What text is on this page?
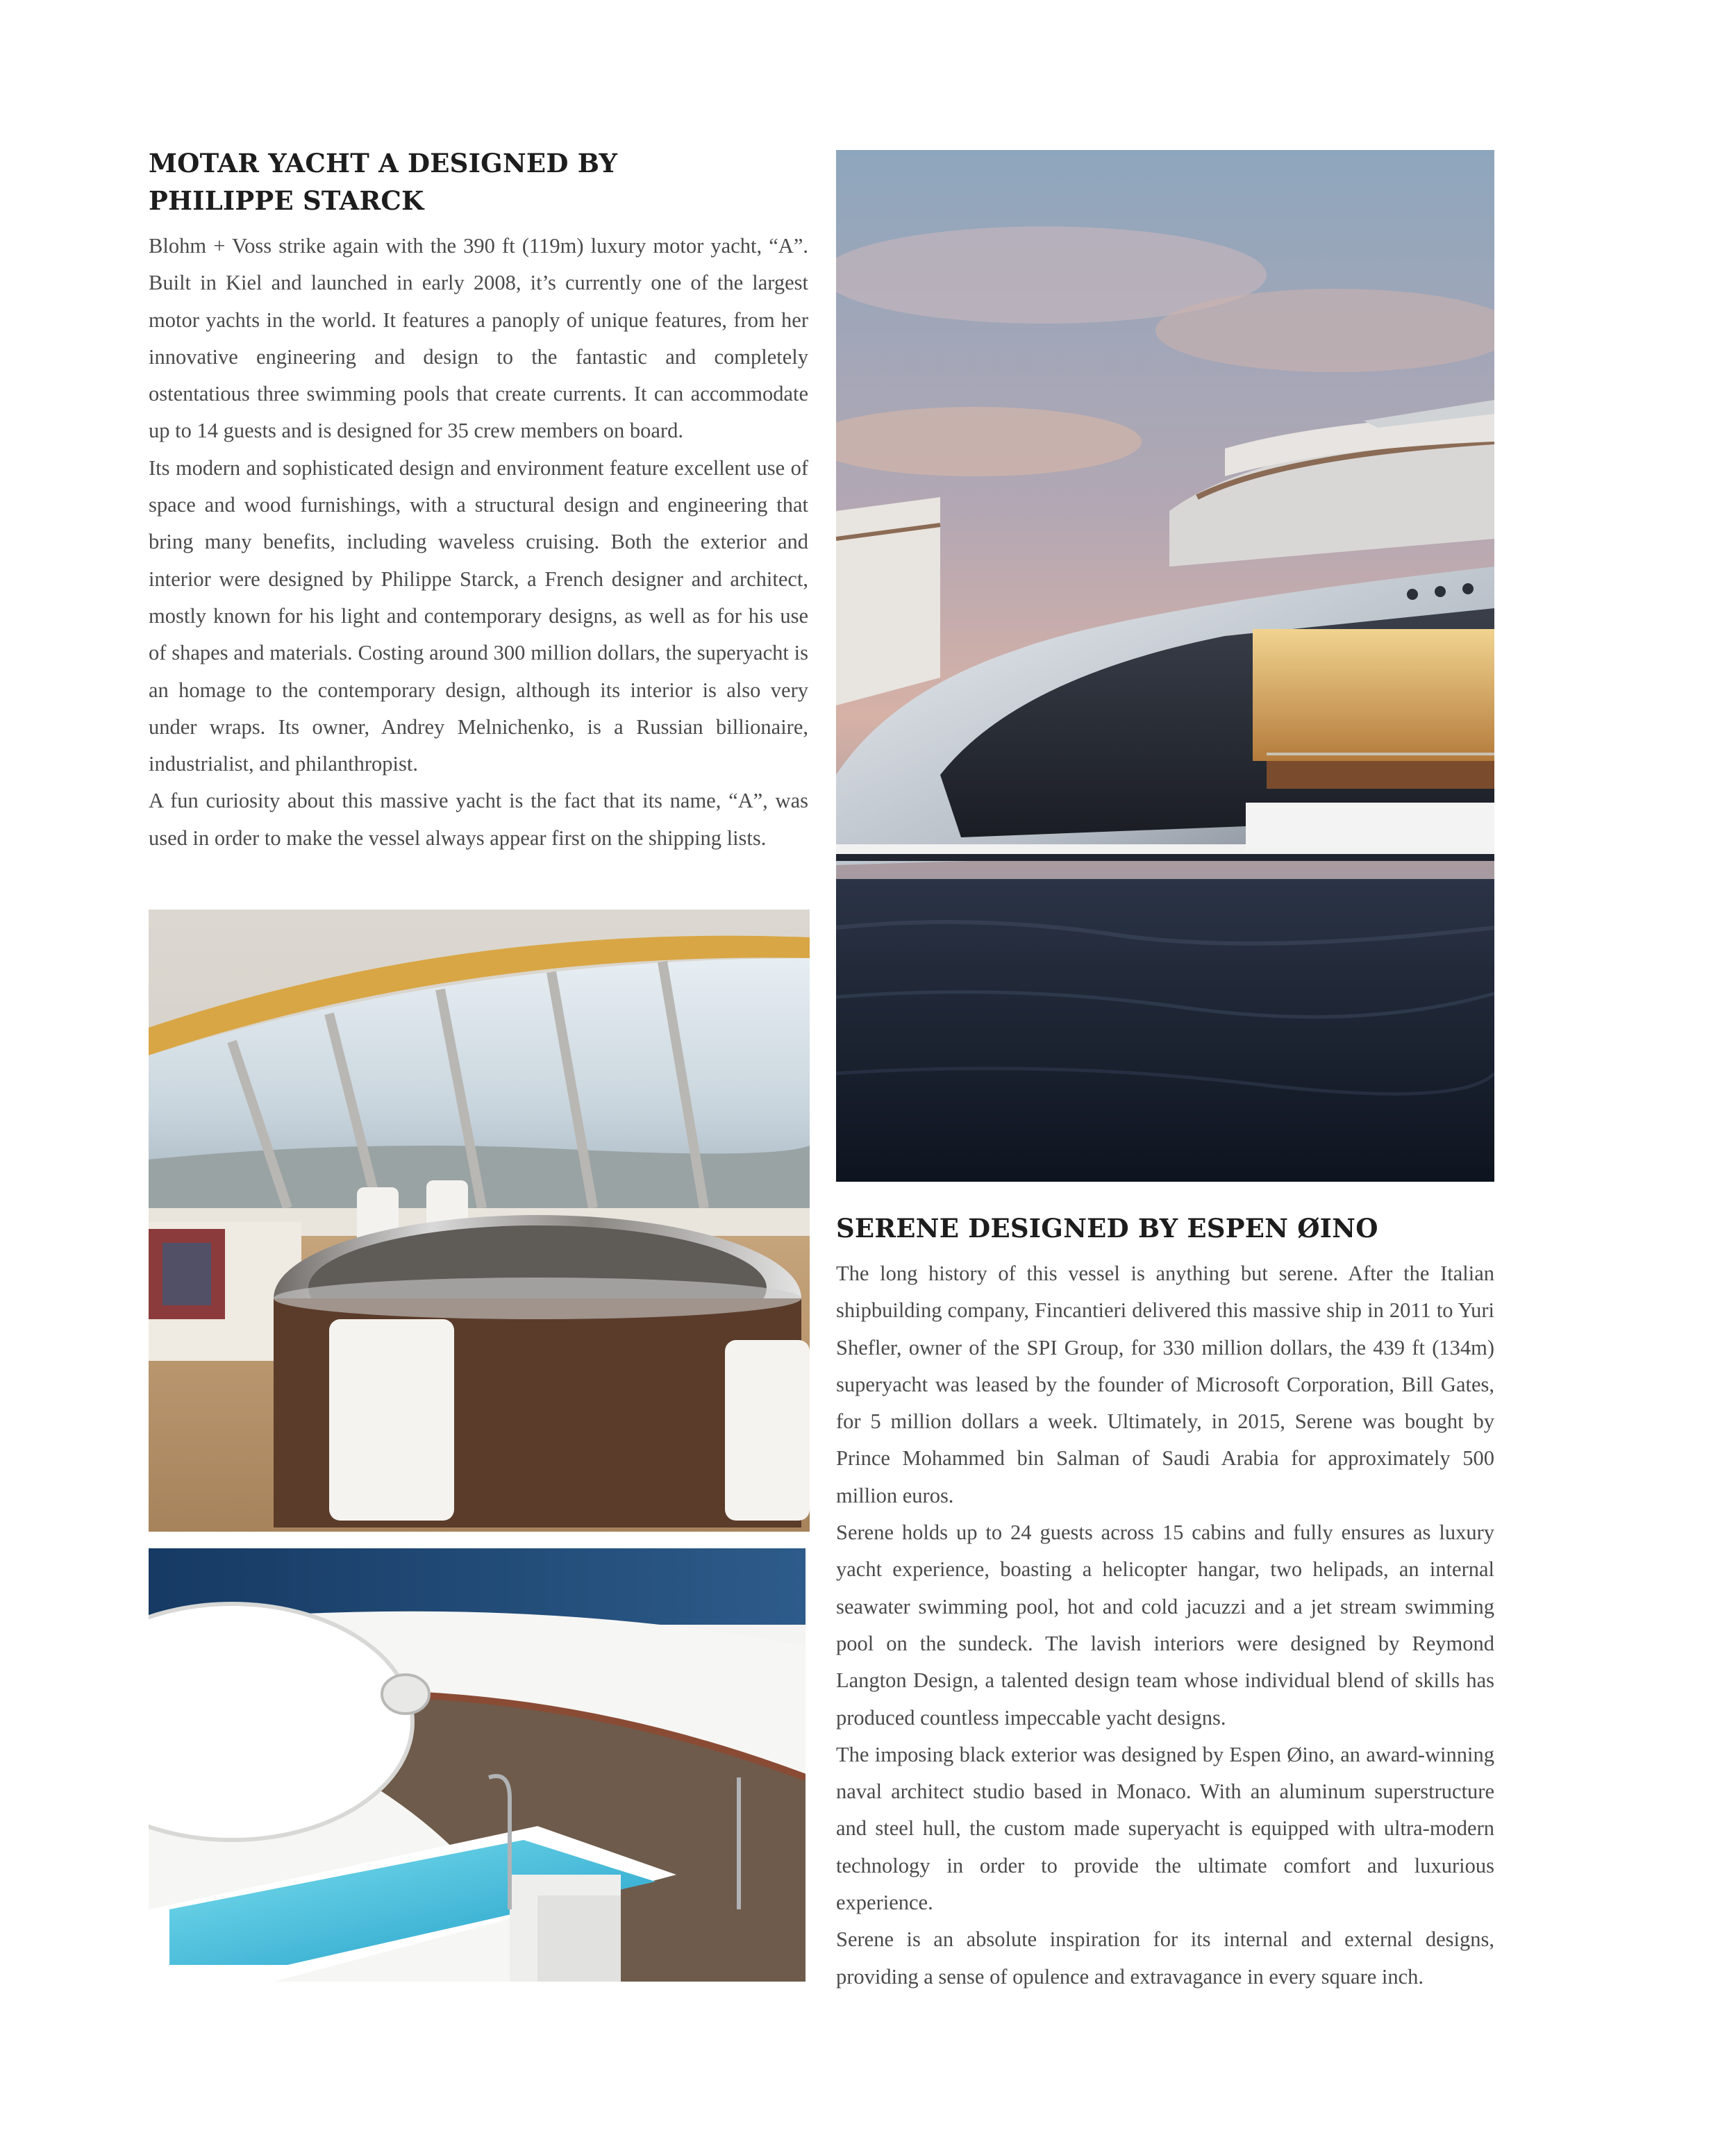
MOTAR YACHT A DESIGNED BY
PHILIPPE STARCK

Blohm + Voss strike again with the 390 ft (119m) luxury motor yacht, “A”. Built in Kiel and launched in early 2008, it’s currently one of the largest motor yachts in the world. It features a panoply of unique features, from her innovative engineering and design to the fantastic and completely ostentatious three swimming pools that create currents. It can accommodate up to 14 guests and is designed for 35 crew members on board.

Its modern and sophisticated design and environment feature excellent use of space and wood furnishings, with a structural design and engineering that bring many benefits, including waveless cruising. Both the exterior and interior were designed by Philippe Starck, a French designer and architect, mostly known for his light and contemporary designs, as well as for his use of shapes and materials. Costing around 300 million dollars, the superyacht is an homage to the contemporary design, although its interior is also very under wraps. Its owner, Andrey Melnichenko, is a Russian billionaire, industrialist, and philanthropist.

A fun curiosity about this massive yacht is the fact that its name, “A”, was used in order to make the vessel always appear first on the shipping lists.

SERENE DESIGNED BY ESPEN ØINO

The long history of this vessel is anything but serene. After the Italian shipbuilding company, Fincantieri delivered this massive ship in 2011 to Yuri Shefler, owner of the SPI Group, for 330 million dollars, the 439 ft (134m) superyacht was leased by the founder of Microsoft Corporation, Bill Gates, for 5 million dollars a week. Ultimately, in 2015, Serene was bought by Prince Mohammed bin Salman of Saudi Arabia for approximately 500 million euros.

Serene holds up to 24 guests across 15 cabins and fully ensures as luxury yacht experience, boasting a helicopter hangar, two helipads, an internal seawater swimming pool, hot and cold jacuzzi and a jet stream swimming pool on the sundeck. The lavish interiors were designed by Reymond Langton Design, a talented design team whose individual blend of skills has produced countless impeccable yacht designs.

The imposing black exterior was designed by Espen Øino, an award-winning naval architect studio based in Monaco. With an aluminum superstructure and steel hull, the custom made superyacht is equipped with ultra-modern technology in order to provide the ultimate comfort and luxurious experience.

Serene is an absolute inspiration for its internal and external designs, providing a sense of opulence and extravagance in every square inch.
